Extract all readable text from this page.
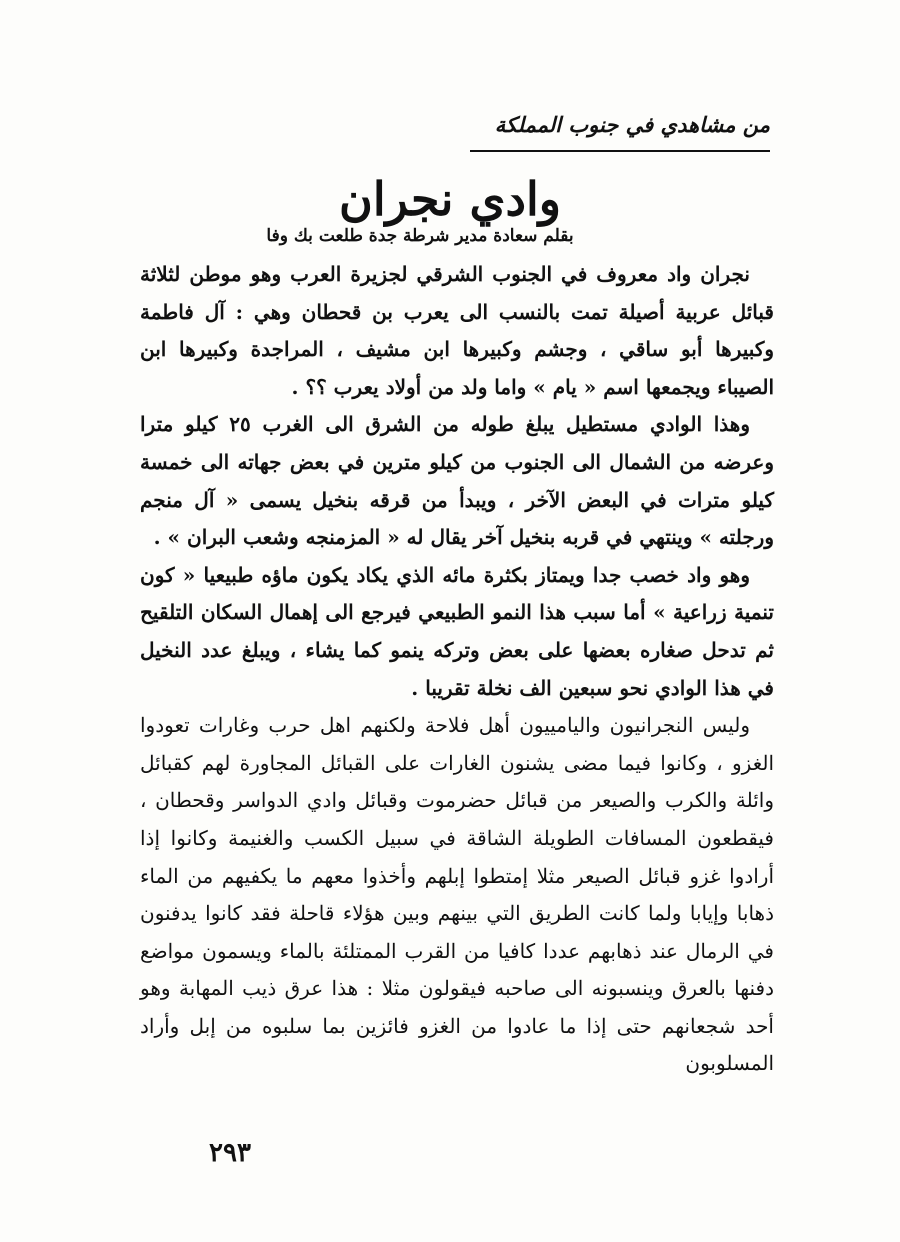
من مشاهدي في جنوب المملكة
وادي نجران
بقلم سعادة مدير شرطة جدة طلعت بك وفا

نجران واد معروف في الجنوب الشرقي لجزيرة العرب وهو موطن لثلاثة قبائل عربية أصيلة تمت بالنسب الى يعرب بن قحطان وهي : آل فاطمة وكبيرها أبو ساقي ، وجشم وكبيرها ابن مشيف ، المراجدة وكبيرها ابن الصيباء ويجمعها اسم « يام » واما ولد من أولاد يعرب ؟؟ .

وهذا الوادي مستطيل يبلغ طوله من الشرق الى الغرب ٢٥ كيلو مترا وعرضه من الشمال الى الجنوب من كيلو مترين في بعض جهاته الى خمسة كيلو مترات في البعض الآخر ، ويبدأ من قرقه بنخيل يسمى « آل منجم ورجلته » وينتهي في قربه بنخيل آخر يقال له « المزمنجه وشعب البران » .

وهو واد خصب جدا ويمتاز بكثرة مائه الذي يكاد يكون ماؤه طبيعيا « كون تنمية زراعية » أما سبب هذا النمو الطبيعي فيرجع الى إهمال السكان التلقيح ثم تدحل صغاره بعضها على بعض وتركه ينمو كما يشاء ، ويبلغ عدد النخيل في هذا الوادي نحو سبعين الف نخلة تقريبا .

وليس النجرانيون واليامييون أهل فلاحة ولكنهم اهل حرب وغارات تعودوا الغزو ، وكانوا فيما مضى يشنون الغارات على القبائل المجاورة لهم كقبائل وائلة والكرب والصيعر من قبائل حضرموت وقبائل وادي الدواسر وقحطان ، فيقطعون المسافات الطويلة الشاقة في سبيل الكسب والغنيمة وكانوا إذا أرادوا غزو قبائل الصيعر مثلا إمتطوا إبلهم وأخذوا معهم ما يكفيهم من الماء ذهابا وإيابا ولما كانت الطريق التي بينهم وبين هؤلاء قاحلة فقد كانوا يدفنون في الرمال عند ذهابهم عددا كافيا من القرب الممتلئة بالماء ويسمون مواضع دفنها بالعرق وينسبونه الى صاحبه فيقولون مثلا : هذا عرق ذيب المهابة وهو أحد شجعانهم حتى إذا ما عادوا من الغزو فائزين بما سلبوه من إبل وأراد المسلوبون

٢٩٣
